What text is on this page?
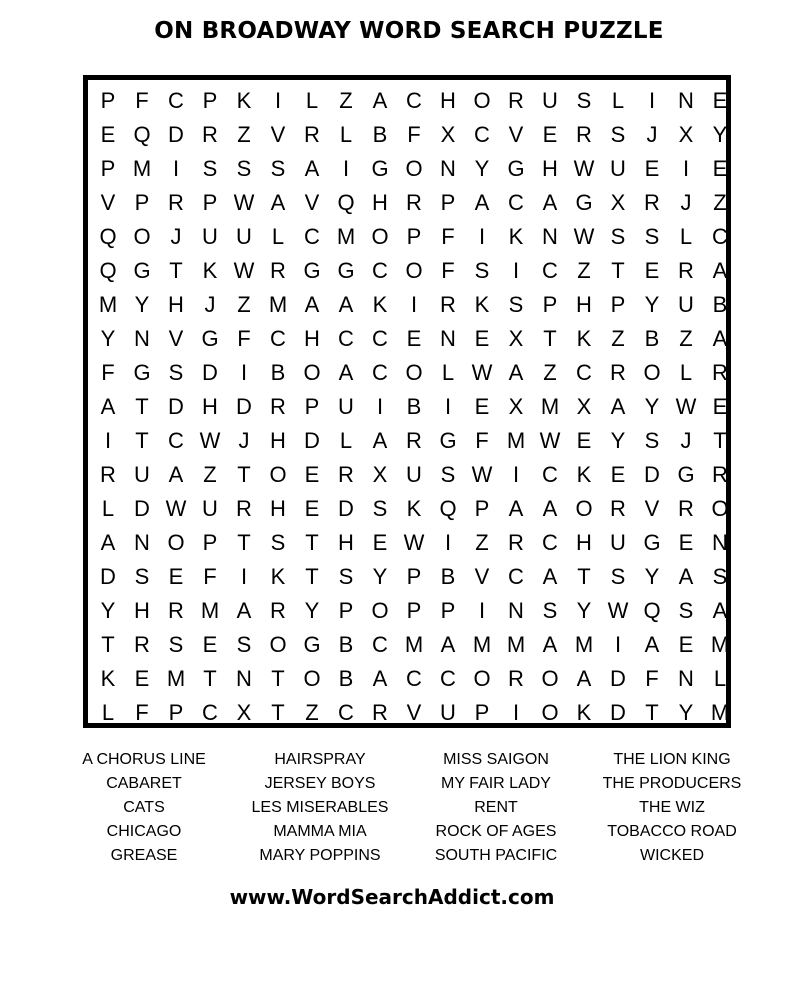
ON BROADWAY WORD SEARCH PUZZLE
P F C P K	I	L Z A C H O R U S L	I	N E
E Q D R Z V R L B F X C V E R S J X Y
P M I	S S S A	I	G O N Y G H W U E	I	E
V P R P W A V Q H R P A C A G X R J Z
Q O J U U L C M O P F	I	K N W S S L C
Q G T K W R G G C O F S	I	C Z T E R A
M Y H J Z M A A K	I	R K S P H P Y U B
Y N V G F C H C C E N E X T K Z B Z A
F G S D	I	B O A C O L W A Z C R O L R
A T D H D R P U	I	B	I	E X M X A Y W E
I	T C W J H D L A R G F M W E Y S J T
R U A Z T O E R X U S W I	C K E D G R
L D W U R H E D S K Q P A A O R V R O
A N O P T S T H E W I	Z R C H U G E N
D S E F	I	K T S Y P B V C A T S Y A S
Y H R M A R Y P O P P	I	N S Y W Q S A
T R S E S O G B C M A M M A M I	A E M
K E M T N T O B A C C O R O A D F N L
L F P C X T Z C R V U P	I	O K D T Y M
A CHORUS LINE
CABARET
CATS
CHICAGO
GREASE
HAIRSPRAY
JERSEY BOYS
LES MISERABLES
MAMMA MIA
MARY POPPINS
MISS SAIGON
MY FAIR LADY
RENT
ROCK OF AGES
SOUTH PACIFIC
THE LION KING
THE PRODUCERS
THE WIZ
TOBACCO ROAD
WICKED
www.WordSearchAddict.com
